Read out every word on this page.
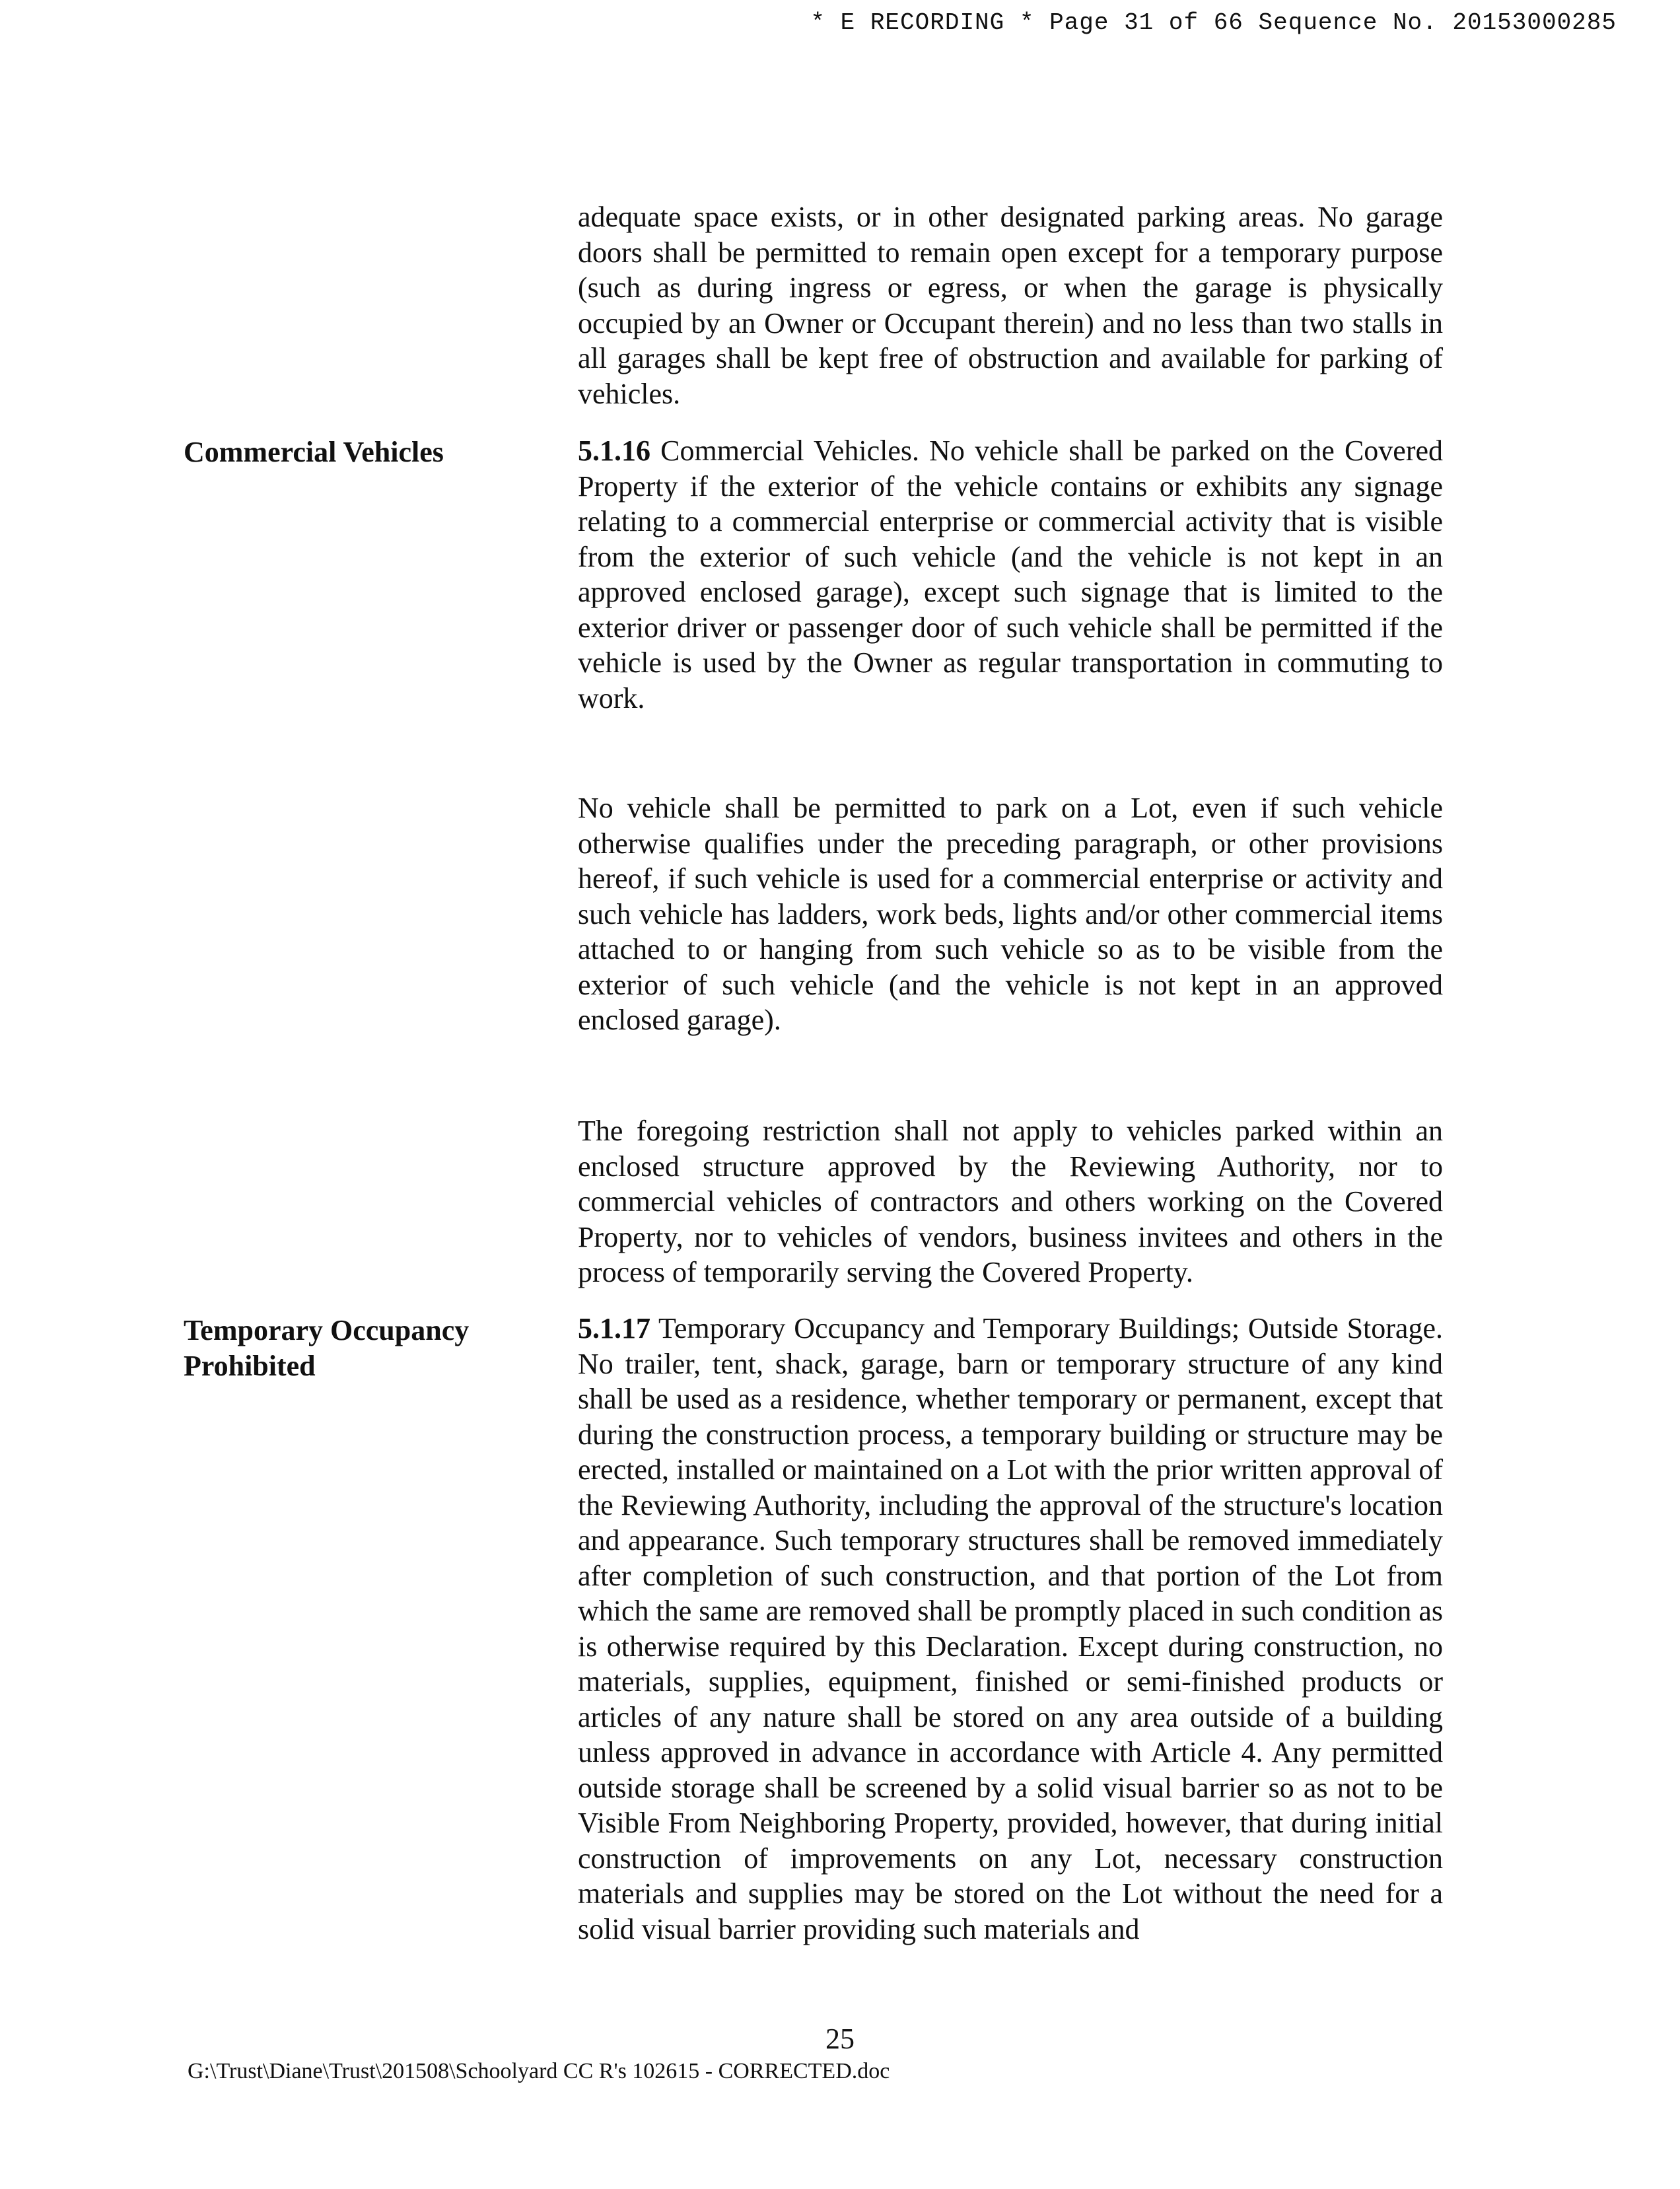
* E RECORDING * Page 31 of 66 Sequence No. 20153000285

adequate space exists, or in other designated parking areas. No garage doors shall be permitted to remain open except for a temporary purpose (such as during ingress or egress, or when the garage is physically occupied by an Owner or Occupant therein) and no less than two stalls in all garages shall be kept free of obstruction and available for parking of vehicles.

Commercial Vehicles	5.1.16 Commercial Vehicles. No vehicle shall be parked on the Covered Property if the exterior of the vehicle contains or exhibits any signage relating to a commercial enterprise or commercial activity that is visible from the exterior of such vehicle (and the vehicle is not kept in an approved enclosed garage), except such signage that is limited to the exterior driver or passenger door of such vehicle shall be permitted if the vehicle is used by the Owner as regular transportation in commuting to work.

No vehicle shall be permitted to park on a Lot, even if such vehicle otherwise qualifies under the preceding paragraph, or other provisions hereof, if such vehicle is used for a commercial enterprise or activity and such vehicle has ladders, work beds, lights and/or other commercial items attached to or hanging from such vehicle so as to be visible from the exterior of such vehicle (and the vehicle is not kept in an approved enclosed garage).

The foregoing restriction shall not apply to vehicles parked within an enclosed structure approved by the Reviewing Authority, nor to commercial vehicles of contractors and others working on the Covered Property, nor to vehicles of vendors, business invitees and others in the process of temporarily serving the Covered Property.

Temporary Occupancy
Prohibited

5.1.17 Temporary Occupancy and Temporary Buildings; Outside Storage. No trailer, tent, shack, garage, barn or temporary structure of any kind shall be used as a residence, whether temporary or permanent, except that during the construction process, a temporary building or structure may be erected, installed or maintained on a Lot with the prior written approval of the Reviewing Authority, including the approval of the structure's location and appearance. Such temporary structures shall be removed immediately after completion of such construction, and that portion of the Lot from which the same are removed shall be promptly placed in such condition as is otherwise required by this Declaration. Except during construction, no materials, supplies, equipment, finished or semi-finished products or articles of any nature shall be stored on any area outside of a building unless approved in advance in accordance with Article 4. Any permitted outside storage shall be screened by a solid visual barrier so as not to be Visible From Neighboring Property, provided, however, that during initial construction of improvements on any Lot, necessary construction materials and supplies may be stored on the Lot without the need for a solid visual barrier providing such materials and

25
G:\Trust\Diane\Trust\201508\Schoolyard CC R's 102615 - CORRECTED.doc
